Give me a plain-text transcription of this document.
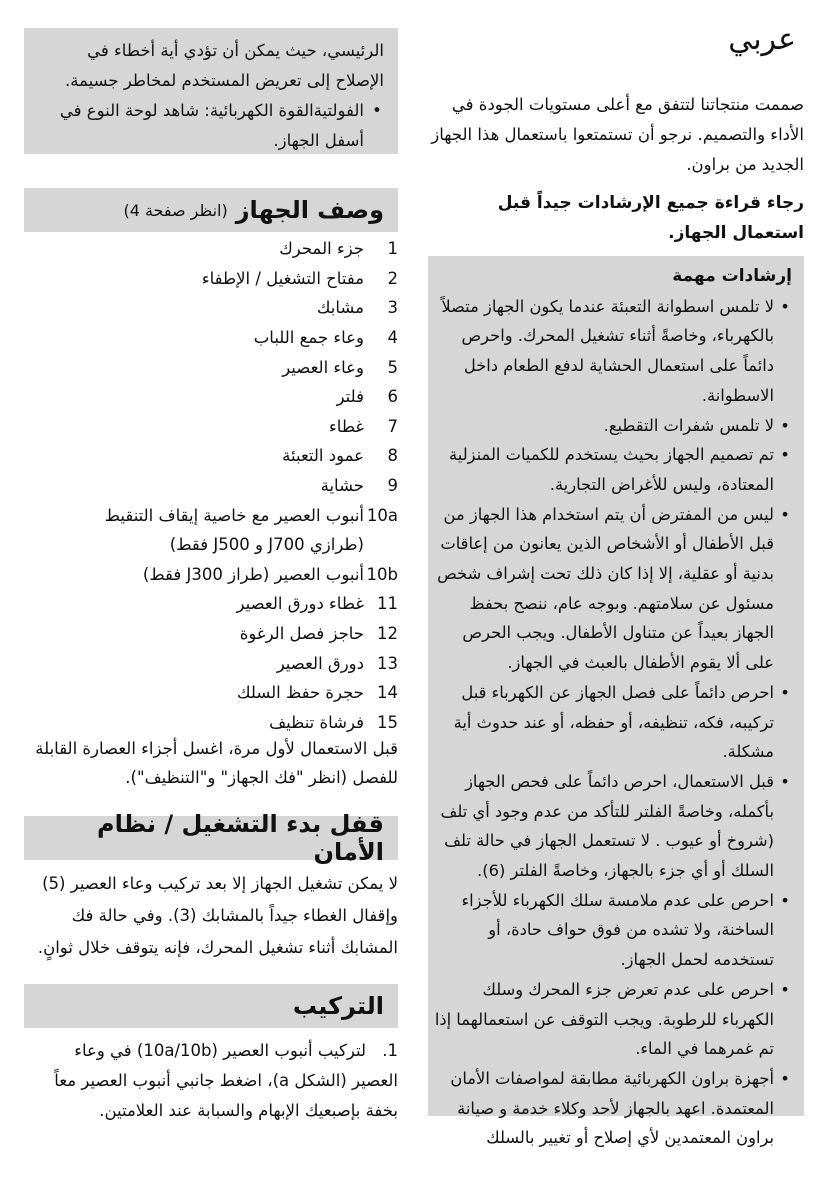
الرئيسي، حيث يمكن أن تؤدي أية أخطاء في الإصلاح إلى تعريض المستخدم لمخاطر جسيمة.

•الفولتيةالقوة الكهربائية: شاهد لوحة النوع في

أسفل الجهاز.

وصف الجهاز
(انظر صفحة 4)
1
جزء المحرك
2
مفتاح التشغيل / الإطفاء
3
مشابك
4
وعاء جمع اللباب
5
وعاء العصير
6
فلتر
7
غطاء
8
عمود التعبئة
9
حشاية
10a
أنبوب العصير مع خاصية إيقاف التنقيط
(طرازي J700 و J500 فقط)
10b
أنبوب العصير (طراز J300 فقط)
11
غطاء دورق العصير
12
حاجز فصل الرغوة
13
دورق العصير
14
حجرة حفظ السلك
15
فرشاة تنظيف

قبل الاستعمال لأول مرة، اغسل أجزاء العصارة القابلة للفصل (انظر "فك الجهاز" و"التنظيف").

قفل بدء التشغيل / نظام الأمان

لا يمكن تشغيل الجهاز إلا بعد تركيب وعاء العصير (5) وإقفال الغطاء جيداً بالمشابك (3). وفي حالة فك المشابك أثناء تشغيل المحرك، فإنه يتوقف خلال ثوانٍ.

التركيب
1.لتركيب أنبوب العصير (10a/10b) في وعاء العصير (الشكل a)، اضغط جانبي أنبوب العصير معاً بخفة بإصبعيك الإبهام والسبابة عند العلامتين.
عربي

صممت منتجاتنا لتتفق مع أعلى مستويات الجودة في الأداء والتصميم. نرجو أن تستمتعوا باستعمال هذا الجهاز الجديد من براون.

رجاء قراءة جميع الإرشادات جيداً قبل استعمال الجهاز.

إرشادات مهمة
•
لا تلمس اسطوانة التعبئة عندما يكون الجهاز متصلاً بالكهرباء، وخاصةً أثناء تشغيل المحرك. واحرص دائماً على استعمال الحشاية لدفع الطعام داخل الاسطوانة.
•
لا تلمس شفرات التقطيع.
•
تم تصميم الجهاز بحيث يستخدم للكميات المنزلية المعتادة، وليس للأغراض التجارية.
•
ليس من المفترض أن يتم استخدام هذا الجهاز من قبل الأطفال أو الأشخاص الذين يعانون من إعاقات بدنية أو عقلية، إلا إذا كان ذلك تحت إشراف شخص مسئول عن سلامتهم. وبوجه عام، ننصح بحفظ الجهاز بعيداً عن متناول الأطفال. ويجب الحرص على ألا يقوم الأطفال بالعبث في الجهاز.
•
احرص دائماً على فصل الجهاز عن الكهرباء قبل تركيبه، فكه، تنظيفه، أو حفظه، أو عند حدوث أية مشكلة.
•
قبل الاستعمال، احرص دائماً على فحص الجهاز بأكمله، وخاصةً الفلتر للتأكد من عدم وجود أي تلف (شروخ أو عيوب . لا تستعمل الجهاز في حالة تلف السلك أو أي جزء بالجهاز، وخاصةً الفلتر (6).
•
احرص على عدم ملامسة سلك الكهرباء للأجزاء الساخنة، ولا تشده من فوق حواف حادة، أو تستخدمه لحمل الجهاز.
•
احرص على عدم تعرض جزء المحرك وسلك الكهرباء للرطوبة. ويجب التوقف عن استعمالهما إذا تم غمرهما في الماء.
•
أجهزة براون الكهربائية مطابقة لمواصفات الأمان المعتمدة. اعهد بالجهاز لأحد وكلاء خدمة و صيانة براون المعتمدين لأي إصلاح أو تغيير بالسلك
